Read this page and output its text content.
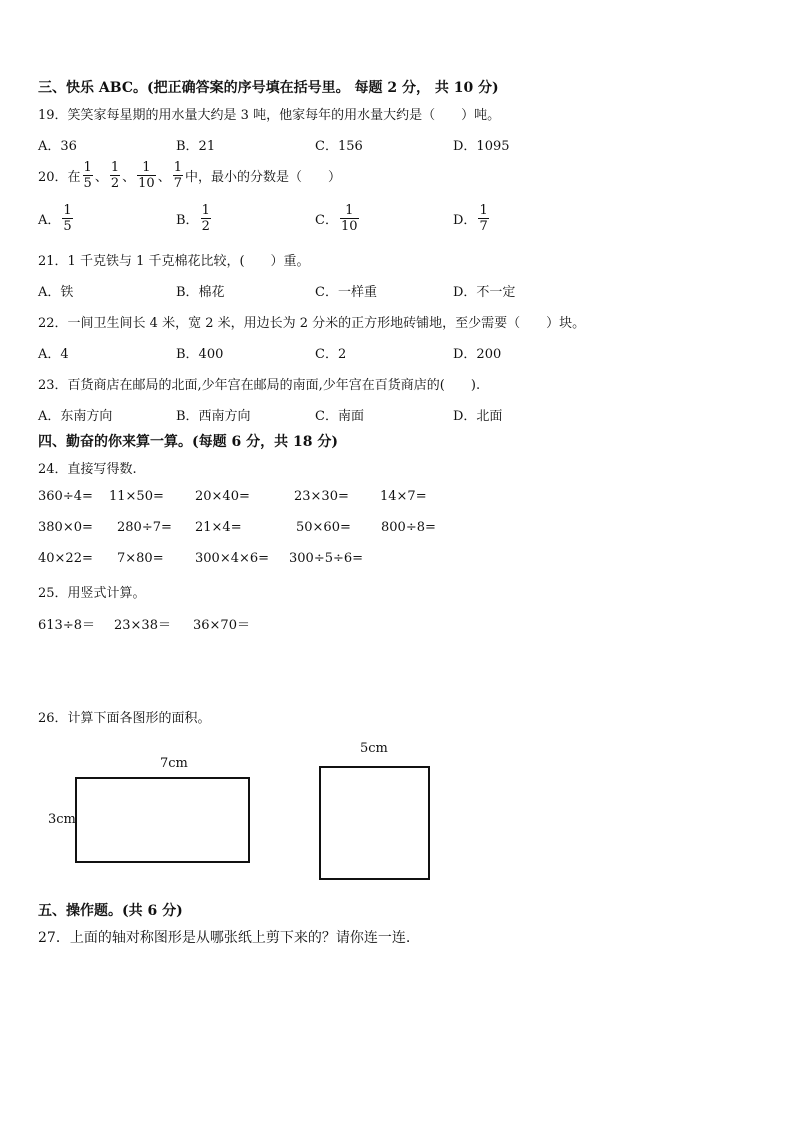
三、快乐 ABC。(把正确答案的序号填在括号里。 每题 2 分， 共 10 分)
19．笑笑家每星期的用水量大约是 3 吨，他家每年的用水量大约是（　　）吨。
A．36	B．21	C．156	D．1095
20．在 $\frac{1}{5}$ 、 $\frac{1}{2}$ 、 $\frac{1}{10}$ 、 $\frac{1}{7}$ 中，最小的分数是（　　）
A． $\frac{1}{5}$	B． $\frac{1}{2}$	C． $\frac{1}{10}$	D． $\frac{1}{7}$
21．1 千克铁与 1 千克棉花比较，(　　）重。
A．铁	B．棉花	C．一样重	D．不一定
22．一间卫生间长 4 米，宽 2 米，用边长为 2 分米的正方形地砖铺地，至少需要（　　）块。
A．4	B．400	C．2	D．200
23．百货商店在邮局的北面,少年宫在邮局的南面,少年宫在百货商店的(　　).
A．东南方向	B．西南方向	C．南面	D．北面
四、勤奋的你来算一算。(每题 6 分，共 18 分)
24．直接写得数.
360÷4= 11×50= 20×40=	23×30= 14×7=
380×0= 280÷7= 21×4=	50×60= 800÷8=
40×22= 7×80= 300×4×6= 300÷5÷6=
25．用竖式计算。
613÷8＝ 23×38＝ 36×70＝
26．计算下面各图形的面积。
7cm
3cm
5cm
五、操作题。(共 6 分)
27．上面的轴对称图形是从哪张纸上剪下来的？请你连一连.
